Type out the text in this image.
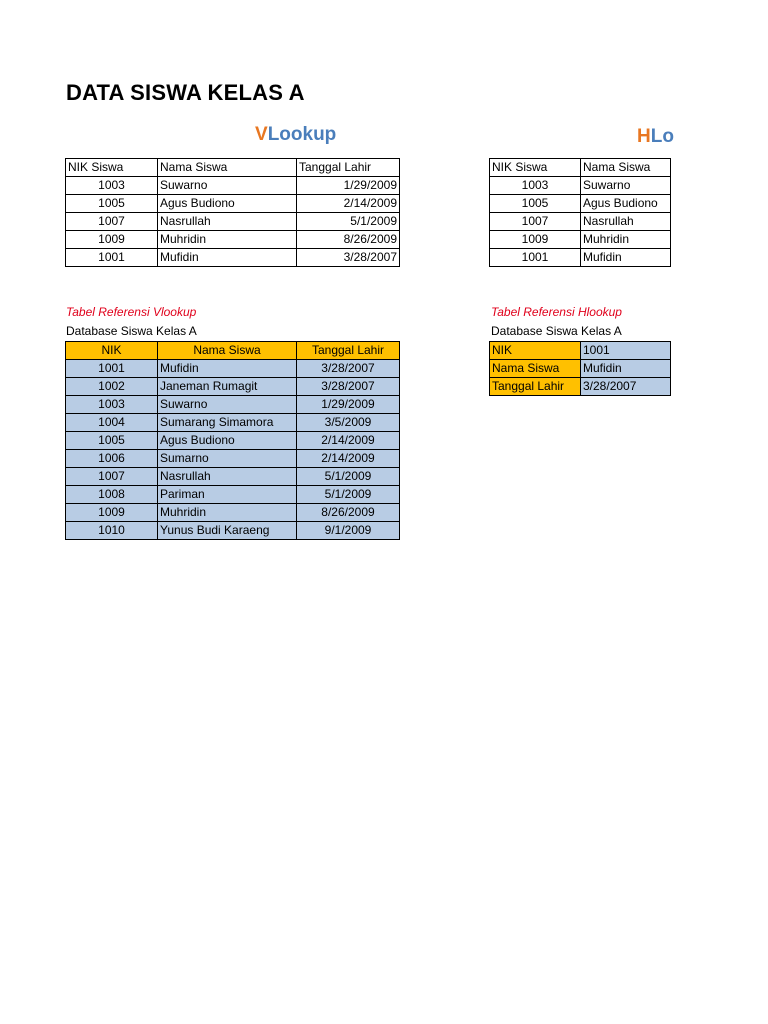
DATA SISWA KELAS A
VLookup	HLo
NIK Siswa	Nama Siswa	Tanggal Lahir
1003	Suwarno	1/29/2009
1005	Agus Budiono	2/14/2009
1007	Nasrullah	5/1/2009
1009	Muhridin	8/26/2009
1001	Mufidin	3/28/2007
NIK Siswa	Nama Siswa
1003	Suwarno
1005	Agus Budiono
1007	Nasrullah
1009	Muhridin
1001	Mufidin
Tabel Referensi Vlookup
Database Siswa Kelas A
Tabel Referensi Hlookup
Database Siswa Kelas A
NIK	Nama Siswa	Tanggal Lahir
1001	Mufidin	3/28/2007
1002	Janeman Rumagit	3/28/2007
1003	Suwarno	1/29/2009
1004	Sumarang Simamora	3/5/2009
1005	Agus Budiono	2/14/2009
1006	Sumarno	2/14/2009
1007	Nasrullah	5/1/2009
1008	Pariman	5/1/2009
1009	Muhridin	8/26/2009
1010	Yunus Budi Karaeng	9/1/2009
NIK	1001
Nama Siswa	Mufidin
Tanggal Lahir	3/28/2007
